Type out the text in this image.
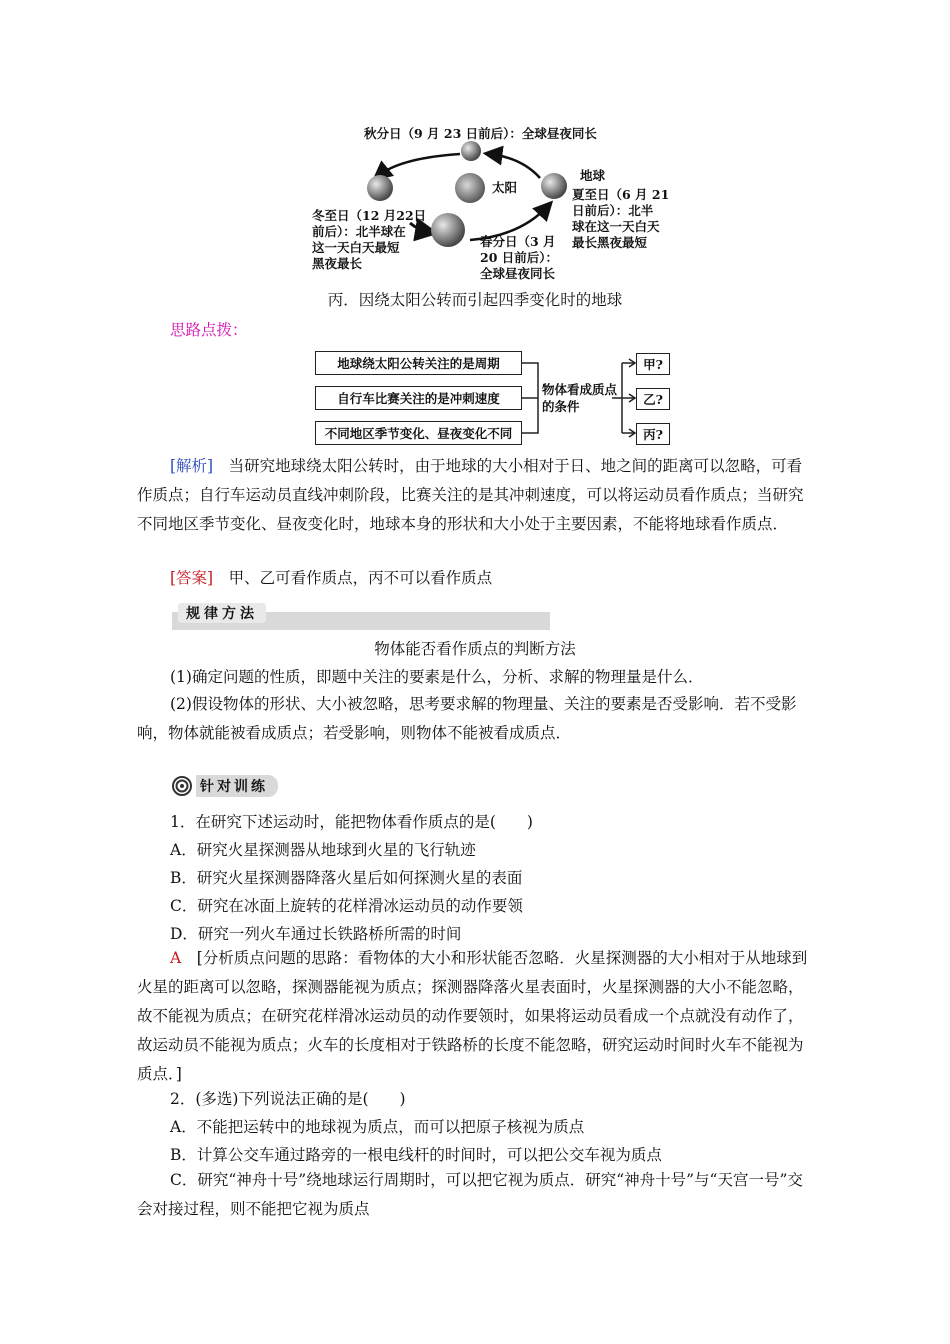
秋分日（9 月 23 日前后）：全球昼夜同长
太阳
地球
夏至日（6 月 21
日前后）：北半
球在这一天白天
最长黑夜最短
冬至日（12 月22日
前后）：北半球在
这一天白天最短
黑夜最长
春分日（3 月
20 日前后）：
全球昼夜同长
丙．因绕太阳公转而引起四季变化时的地球
思路点拨：
地球绕太阳公转关注的是周期
自行车比赛关注的是冲刺速度
不同地区季节变化、昼夜变化不同
物体看成质点
的条件
甲?
乙?
丙?
[解析]　 当研究地球绕太阳公转时，由于地球的大小相对于日、地之间的距离可以忽略，可看作质点；自行车运动员直线冲刺阶段，比赛关注的是其冲刺速度，可以将运动员看作质点；当研究不同地区季节变化、昼夜变化时，地球本身的形状和大小处于主要因素，不能将地球看作质点．
[答案]　 甲、乙可看作质点，丙不可以看作质点
规律方法
物体能否看作质点的判断方法
(1)确定问题的性质，即题中关注的要素是什么，分析、求解的物理量是什么．
(2)假设物体的形状、大小被忽略，思考要求解的物理量、关注的要素是否受影响．若不受影响，物体就能被看成质点；若受影响，则物体不能被看成质点．
针对训练
1．在研究下述运动时，能把物体看作质点的是(　　)
A．研究火星探测器从地球到火星的飞行轨迹
B．研究火星探测器降落火星后如何探测火星的表面
C．研究在冰面上旋转的花样滑冰运动员的动作要领
D．研究一列火车通过长铁路桥所需的时间
A　 [分析质点问题的思路：看物体的大小和形状能否忽略．火星探测器的大小相对于从地球到火星的距离可以忽略，探测器能视为质点；探测器降落火星表面时，火星探测器的大小不能忽略，故不能视为质点；在研究花样滑冰运动员的动作要领时，如果将运动员看成一个点就没有动作了，故运动员不能视为质点；火车的长度相对于铁路桥的长度不能忽略，研究运动时间时火车不能视为质点．]
2．(多选)下列说法正确的是(　　)
A．不能把运转中的地球视为质点，而可以把原子核视为质点
B．计算公交车通过路旁的一根电线杆的时间时，可以把公交车视为质点
C．研究“神舟十号”绕地球运行周期时，可以把它视为质点．研究“神舟十号”与“天宫一号”交会对接过程，则不能把它视为质点
